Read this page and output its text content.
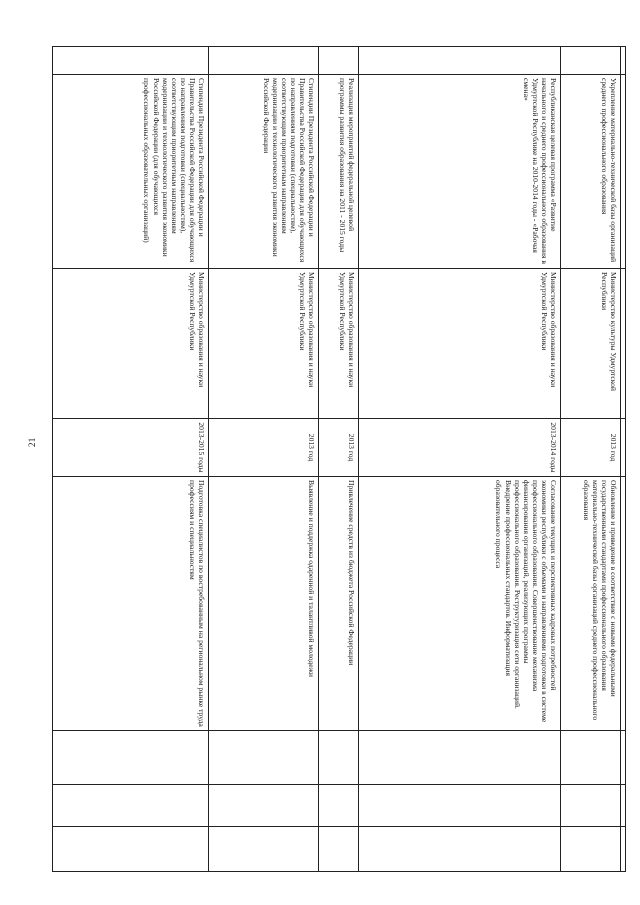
21

	Укрепление материально-технической базы организаций среднего профессионального образования	Министерство культуры Удмуртской Республики	2013 год	Обновление и приведение в соответствие с новыми федеральными государственными стандартами профессионального образования материально-технической базы организаций среднего профессионального образования			
	Республиканская целевая программа «Развитие начального и среднего профессионального образования в Удмуртской Республике на 2010-2014 годы - «Рабочая смена»	Министерство образования и науки Удмуртской Республики	2013-2014 годы	Согласование текущих и перспективных кадровых потребностей экономики республики с объемами и направлениями подготовки в системе профессионального образования. Совершенствование механизма финансирования организаций, реализующих программы профессионального образования. Реструктуризация сети организаций. Внедрение профессиональных стандартов. Информатизация образовательного процесса			
	Реализация мероприятий федеральной целевой программы развития образования на 2011 - 2015 годы	Министерство образования и науки Удмуртской Республики	2013 год	Привлечение средств из бюджета Российской Федерации			
	Стипендии Президента Российской Федерации и Правительства Российской Федерации для обучающихся по направлениям подготовки (специальностям), соответствующим приоритетным направлениям модернизации и технологического развития экономики Российской Федерации	Министерство образования и науки Удмуртской Республики	2013 год	Выявление и поддержка одаренной и талантливой молодежи			
	Стипендии Президента Российской Федерации и Правительства Российской Федерации для обучающихся по направлениям подготовки (специальностям), соответствующим приоритетным направлениям модернизации и технологического развития экономики Российской Федерации (для обучающихся профессиональных образовательных организаций)	Министерство образования и науки Удмуртской Республики	2013-2015 годы	Подготовка специалистов по востребованным на региональном рынке труда профессиям и специальностям			
